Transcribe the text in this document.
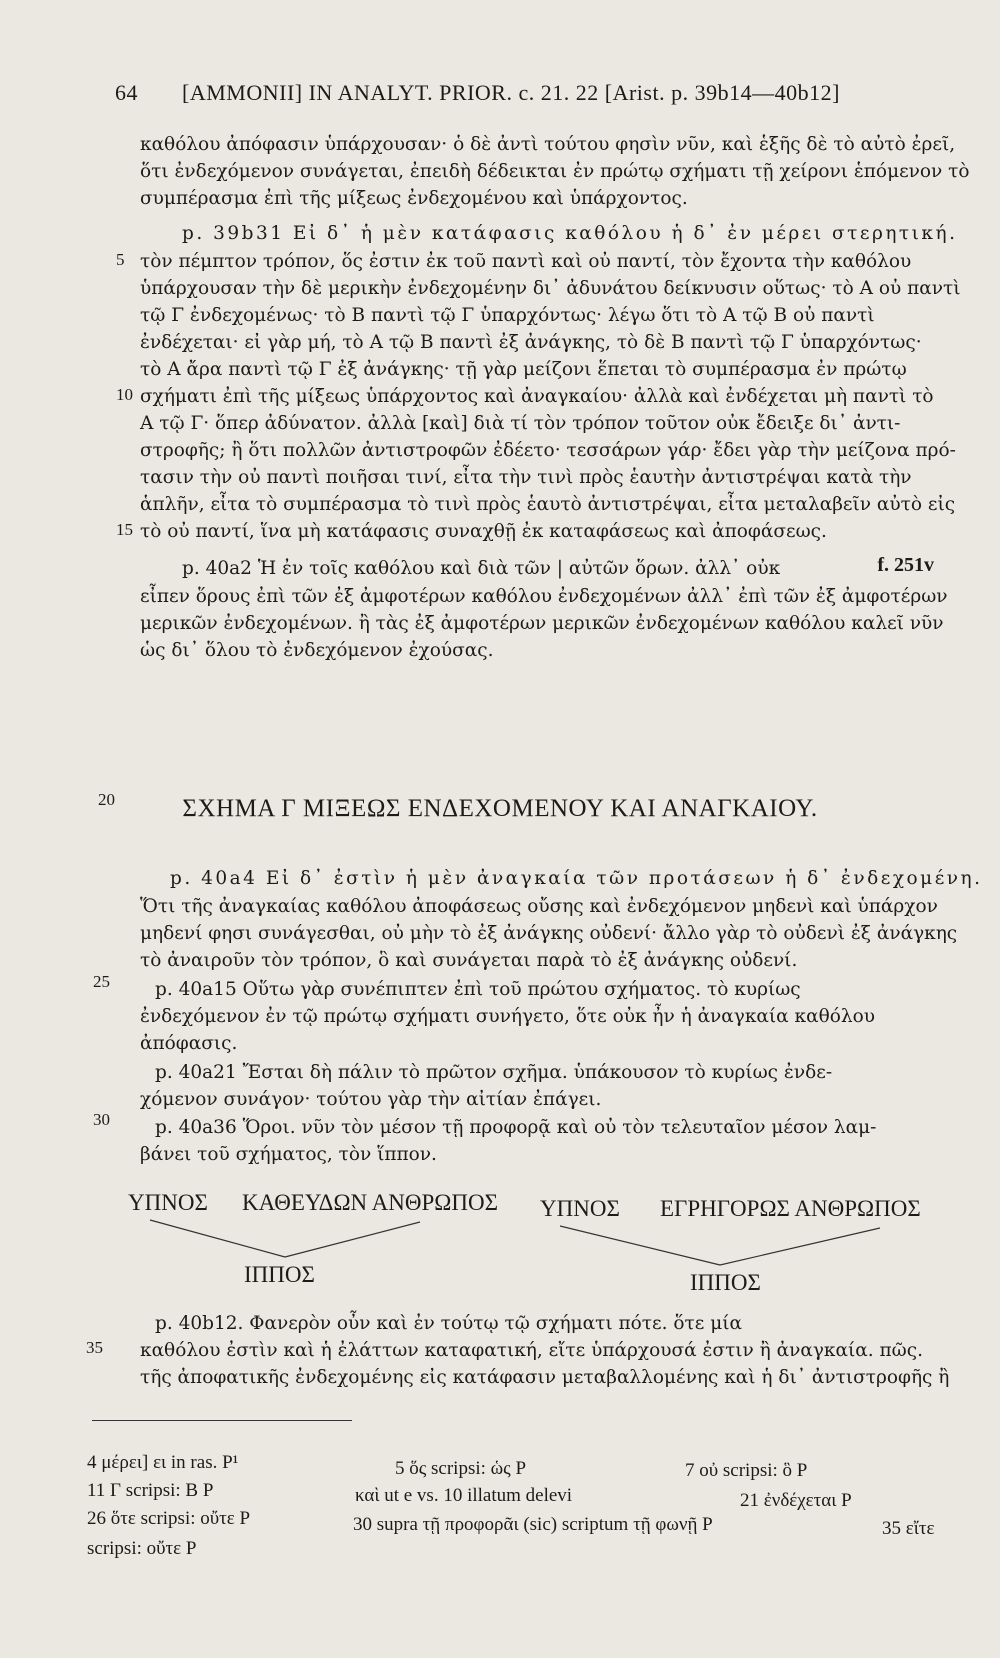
64 [AMMONII] IN ANALYT. PRIOR. c. 21. 22 [Arist. p. 39b14—40b12]
καθόλου ἀπόφασιν ὑπάρχουσαν· ὁ δὲ ἀντὶ τούτου φησὶν νῦν, καὶ ἑξῆς δὲ τὸ αὐτὸ ἐρεῖ,
ὅτι ἐνδεχόμενον συνάγεται, ἐπειδὴ δέδεικται ἐν πρώτῳ σχήματι τῇ χείρονι ἑπόμενον τὸ
συμπέρασμα ἐπὶ τῆς μίξεως ἐνδεχομένου καὶ ὑπάρχοντος.
p. 39b31 Εἰ δ᾽ ἡ μὲν κατάφασις καθόλου ἡ δ᾽ ἐν μέρει στερητική.
τὸν πέμπτον τρόπον, ὅς ἐστιν ἐκ τοῦ παντὶ καὶ οὐ παντί, τὸν ἔχοντα τὴν καθόλου
ὑπάρχουσαν τὴν δὲ μερικὴν ἐνδεχομένην δι᾽ ἀδυνάτου δείκνυσιν οὕτως· τὸ Α οὐ παντὶ
τῷ Γ ἐνδεχομένως· τὸ Β παντὶ τῷ Γ ὑπαρχόντως· λέγω ὅτι τὸ Α τῷ Β οὐ παντὶ
ἐνδέχεται· εἰ γὰρ μή, τὸ Α τῷ Β παντὶ ἐξ ἀνάγκης, τὸ δὲ Β παντὶ τῷ Γ ὑπαρχόντως·
τὸ Α ἄρα παντὶ τῷ Γ ἐξ ἀνάγκης· τῇ γὰρ μείζονι ἕπεται τὸ συμπέρασμα ἐν πρώτῳ
σχήματι ἐπὶ τῆς μίξεως ὑπάρχοντος καὶ ἀναγκαίου· ἀλλὰ καὶ ἐνδέχεται μὴ παντὶ τὸ
Α τῷ Γ· ὅπερ ἀδύνατον. ἀλλὰ [καὶ] διὰ τί τὸν τρόπον τοῦτον οὐκ ἔδειξε δι᾽ ἀντι-
στροφῆς; ἢ ὅτι πολλῶν ἀντιστροφῶν ἐδέετο· τεσσάρων γάρ· ἔδει γὰρ τὴν μείζονα πρό-
τασιν τὴν οὐ παντὶ ποιῆσαι τινί, εἶτα τὴν τινὶ πρὸς ἑαυτὴν ἀντιστρέψαι κατὰ τὴν
ἁπλῆν, εἶτα τὸ συμπέρασμα τὸ τινὶ πρὸς ἑαυτὸ ἀντιστρέψαι, εἶτα μεταλαβεῖν αὐτὸ εἰς
τὸ οὐ παντί, ἵνα μὴ κατάφασις συναχθῇ ἐκ καταφάσεως καὶ ἀποφάσεως.
p. 40a2 Ἡ ἐν τοῖς καθόλου καὶ διὰ τῶν | αὐτῶν ὅρων. ἀλλ᾽ οὐκ	f. 251v
εἶπεν ὅρους ἐπὶ τῶν ἐξ ἀμφοτέρων καθόλου ἐνδεχομένων ἀλλ᾽ ἐπὶ τῶν ἐξ ἀμφοτέρων
μερικῶν ἐνδεχομένων. ἢ τὰς ἐξ ἀμφοτέρων μερικῶν ἐνδεχομένων καθόλου καλεῖ νῦν
ὡς δι᾽ ὅλου τὸ ἐνδεχόμενον ἐχούσας.
5
10
15
20
25
30
35
ΣΧΗΜΑ Γ ΜΙΞΕΩΣ ΕΝΔΕΧΟΜΕΝΟΥ ΚΑΙ ΑΝΑΓΚΑΙΟΥ.
p. 40a4 Εἰ δ᾽ ἐστὶν ἡ μὲν ἀναγκαία τῶν προτάσεων ἡ δ᾽ ἐνδεχομένη.
Ὅτι τῆς ἀναγκαίας καθόλου ἀποφάσεως οὔσης καὶ ἐνδεχόμενον μηδενὶ καὶ ὑπάρχον
μηδενί φησι συνάγεσθαι, οὐ μὴν τὸ ἐξ ἀνάγκης οὐδενί· ἄλλο γὰρ τὸ οὐδενὶ ἐξ ἀνάγκης
τὸ ἀναιροῦν τὸν τρόπον, ὃ καὶ συνάγεται παρὰ τὸ ἐξ ἀνάγκης οὐδενί.
p. 40a15 Οὕτω γὰρ συνέπιπτεν ἐπὶ τοῦ πρώτου σχήματος. τὸ κυρίως
ἐνδεχόμενον ἐν τῷ πρώτῳ σχήματι συνήγετο, ὅτε οὐκ ἦν ἡ ἀναγκαία καθόλου
ἀπόφασις.
p. 40a21 Ἔσται δὴ πάλιν τὸ πρῶτον σχῆμα. ὑπάκουσον τὸ κυρίως ἐνδε-
χόμενον συνάγον· τούτου γὰρ τὴν αἰτίαν ἐπάγει.
p. 40a36 Ὅροι. νῦν τὸν μέσον τῇ προφορᾷ καὶ οὐ τὸν τελευταῖον μέσον λαμ-
βάνει τοῦ σχήματος, τὸν ἵππον.
ΥΠΝΟΣ ΚΑΘΕΥΔΩΝ ΑΝΘΡΩΠΟΣ
ΙΠΠΟΣ
ΥΠΝΟΣ ΕΓΡΗΓΟΡΩΣ ΑΝΘΡΩΠΟΣ
ΙΠΠΟΣ
p. 40b12. Φανερὸν οὖν καὶ ἐν τούτῳ τῷ σχήματι πότε. ὅτε μία
καθόλου ἐστὶν καὶ ἡ ἐλάττων καταφατική, εἴτε ὑπάρχουσά ἐστιν ἢ ἀναγκαία. πῶς.
τῆς ἀποφατικῆς ἐνδεχομένης εἰς κατάφασιν μεταβαλλομένης καὶ ἡ δι᾽ ἀντιστροφῆς ἢ
4 μέρει] ει in ras. P¹	5 ὅς scripsi: ὡς P	7 οὐ scripsi: ὃ P
11 Γ scripsi: Β P	καὶ ut e vs. 10 illatum delevi	21 ἐνδέχεται P
26 ὅτε scripsi: οὔτε P	30 supra τῇ προφορᾶι (sic) scriptum τῇ φωνῇ P	35 εἴτε
scripsi: οὔτε P
